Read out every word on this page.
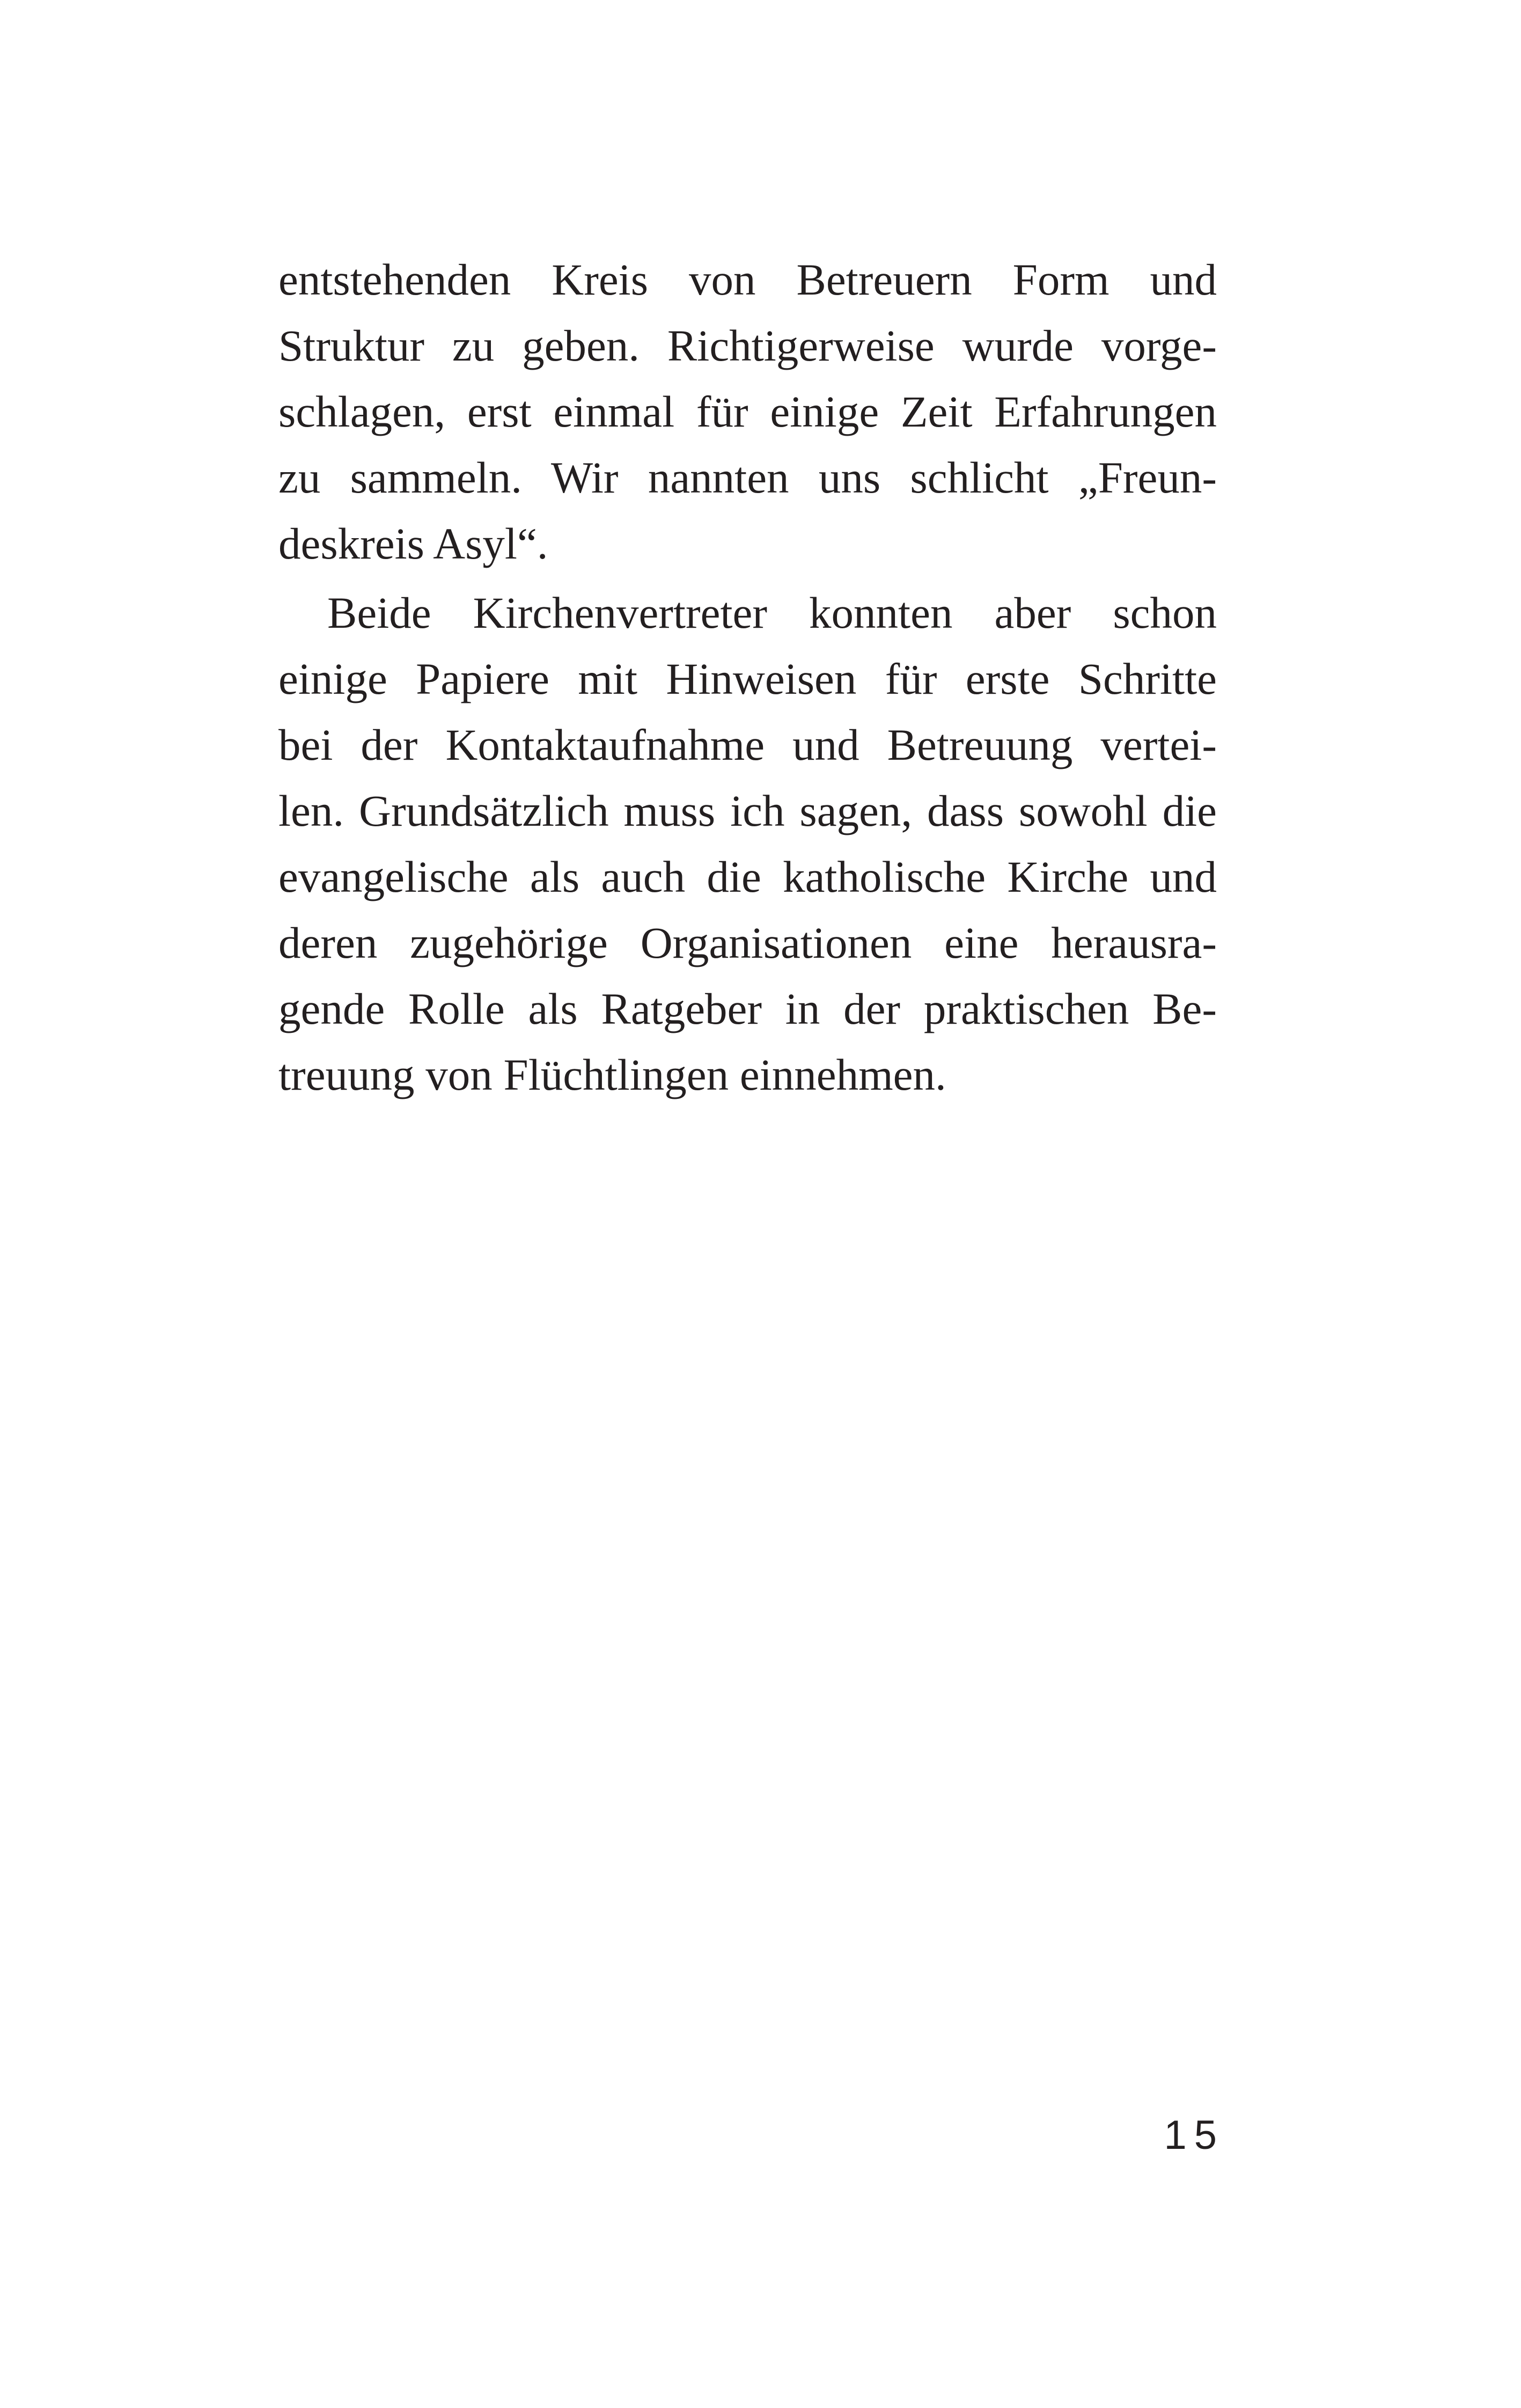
entstehenden Kreis von Betreuern Form und
Struktur zu geben. Richtigerweise wurde vorge-
schlagen, erst einmal für einige Zeit Erfahrungen
zu sammeln. Wir nannten uns schlicht „Freun-
deskreis Asyl“.
Beide Kirchenvertreter konnten aber schon
einige Papiere mit Hinweisen für erste Schritte
bei der Kontaktaufnahme und Betreuung vertei-
len. Grundsätzlich muss ich sagen, dass sowohl die
evangelische als auch die katholische Kirche und
deren zugehörige Organisationen eine herausra-
gende Rolle als Ratgeber in der praktischen Be-
treuung von Flüchtlingen einnehmen.
15
